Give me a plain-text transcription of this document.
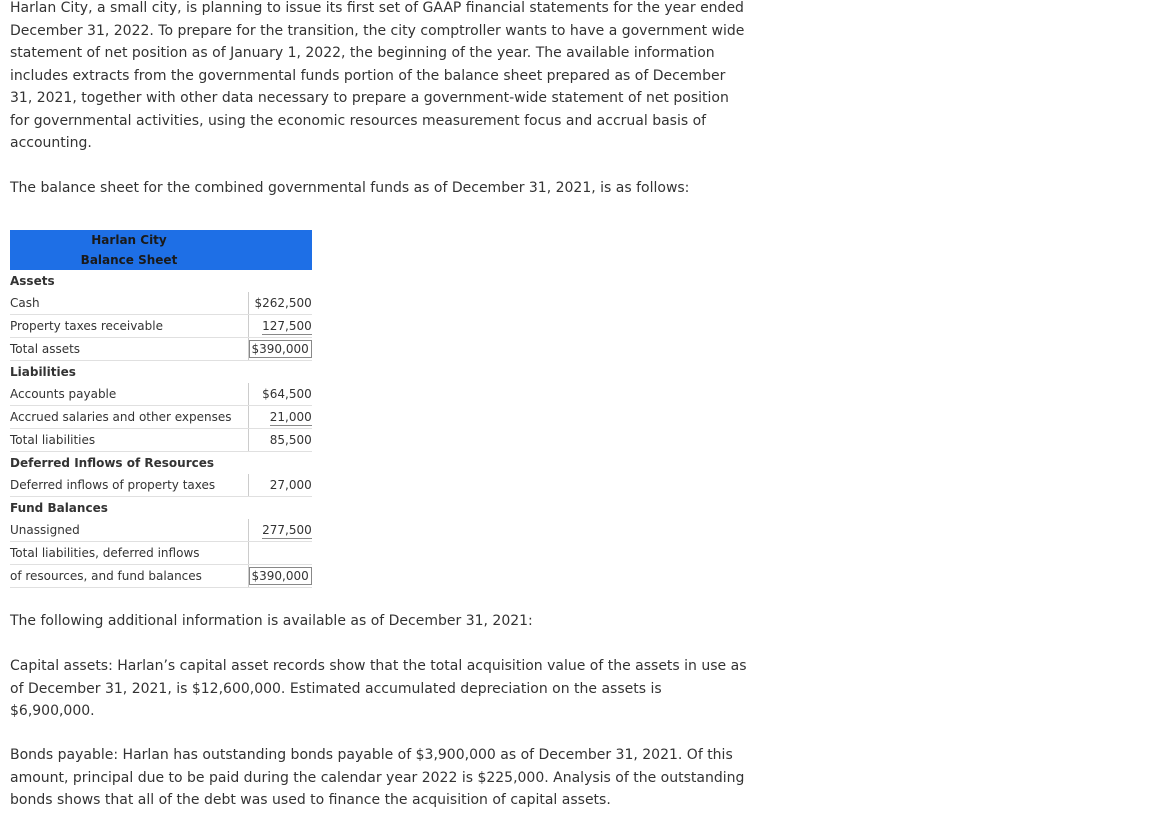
Harlan City, a small city, is planning to issue its first set of GAAP financial statements for the year ended December 31, 2022. To prepare for the transition, the city comptroller wants to have a government wide statement of net position as of January 1, 2022, the beginning of the year. The available information includes extracts from the governmental funds portion of the balance sheet prepared as of December 31, 2021, together with other data necessary to prepare a government-wide statement of net position for governmental activities, using the economic resources measurement focus and accrual basis of accounting.

The balance sheet for the combined governmental funds as of December 31, 2021, is as follows:

Harlan City	
Balance Sheet	
Assets	
Cash	$262,500
Property taxes receivable	127,500
Total assets	$390,000
Liabilities	
Accounts payable	$64,500
Accrued salaries and other expenses	21,000
Total liabilities	85,500
Deferred Inflows of Resources	
Deferred inflows of property taxes	27,000
Fund Balances	
Unassigned	277,500
Total liabilities, deferred inflows	
of resources, and fund balances	$390,000

The following additional information is available as of December 31, 2021:

Capital assets: Harlan’s capital asset records show that the total acquisition value of the assets in use as of December 31, 2021, is $12,600,000. Estimated accumulated depreciation on the assets is $6,900,000.

Bonds payable: Harlan has outstanding bonds payable of $3,900,000 as of December 31, 2021. Of this amount, principal due to be paid during the calendar year 2022 is $225,000. Analysis of the outstanding bonds shows that all of the debt was used to finance the acquisition of capital assets.
